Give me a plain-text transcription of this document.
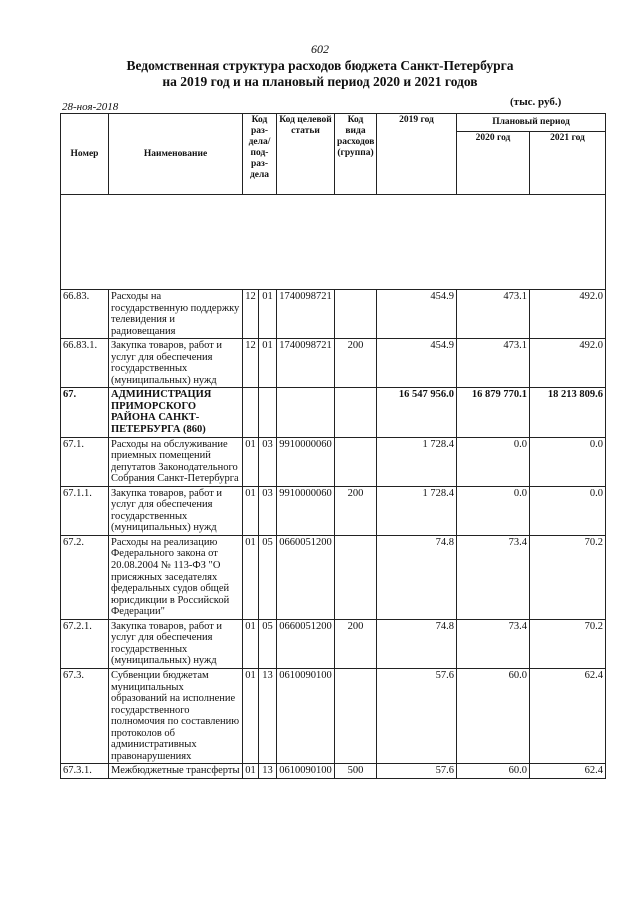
602
Ведомственная структура расходов бюджета Санкт-Петербурга
на 2019 год и на плановый период 2020 и 2021 годов
28-ноя-2018	(тыс. руб.)
Номер	Наименование	Код раз-дела/ под-раз-дела		Код целевой статьи	Код вида расходов (группа)	2019 год	Плановый период	
							2020 год	2021 год

66.83.	Расходы на государственную поддержку телевидения и радиовещания	12	01	1740098721		454.9	473.1	492.0
66.83.1.	Закупка товаров, работ и услуг для обеспечения государственных (муниципальных) нужд	12	01	1740098721	200	454.9	473.1	492.0
67.	АДМИНИСТРАЦИЯ ПРИМОРСКОГО РАЙОНА САНКТ-ПЕТЕРБУРГА (860)					16 547 956.0	16 879 770.1	18 213 809.6
67.1.	Расходы на обслуживание приемных помещений депутатов Законодательного Собрания Санкт-Петербурга	01	03	9910000060		1 728.4	0.0	0.0
67.1.1.	Закупка товаров, работ и услуг для обеспечения государственных (муниципальных) нужд	01	03	9910000060	200	1 728.4	0.0	0.0
67.2.	Расходы на реализацию Федерального закона от 20.08.2004 № 113-ФЗ "О присяжных заседателях федеральных судов общей юрисдикции в Российской Федерации"	01	05	0660051200		74.8	73.4	70.2
67.2.1.	Закупка товаров, работ и услуг для обеспечения государственных (муниципальных) нужд	01	05	0660051200	200	74.8	73.4	70.2
67.3.	Субвенции бюджетам муниципальных образований на исполнение государственного полномочия по составлению протоколов об административных правонарушениях	01	13	0610090100		57.6	60.0	62.4
67.3.1.	Межбюджетные трансферты	01	13	0610090100	500	57.6	60.0	62.4
